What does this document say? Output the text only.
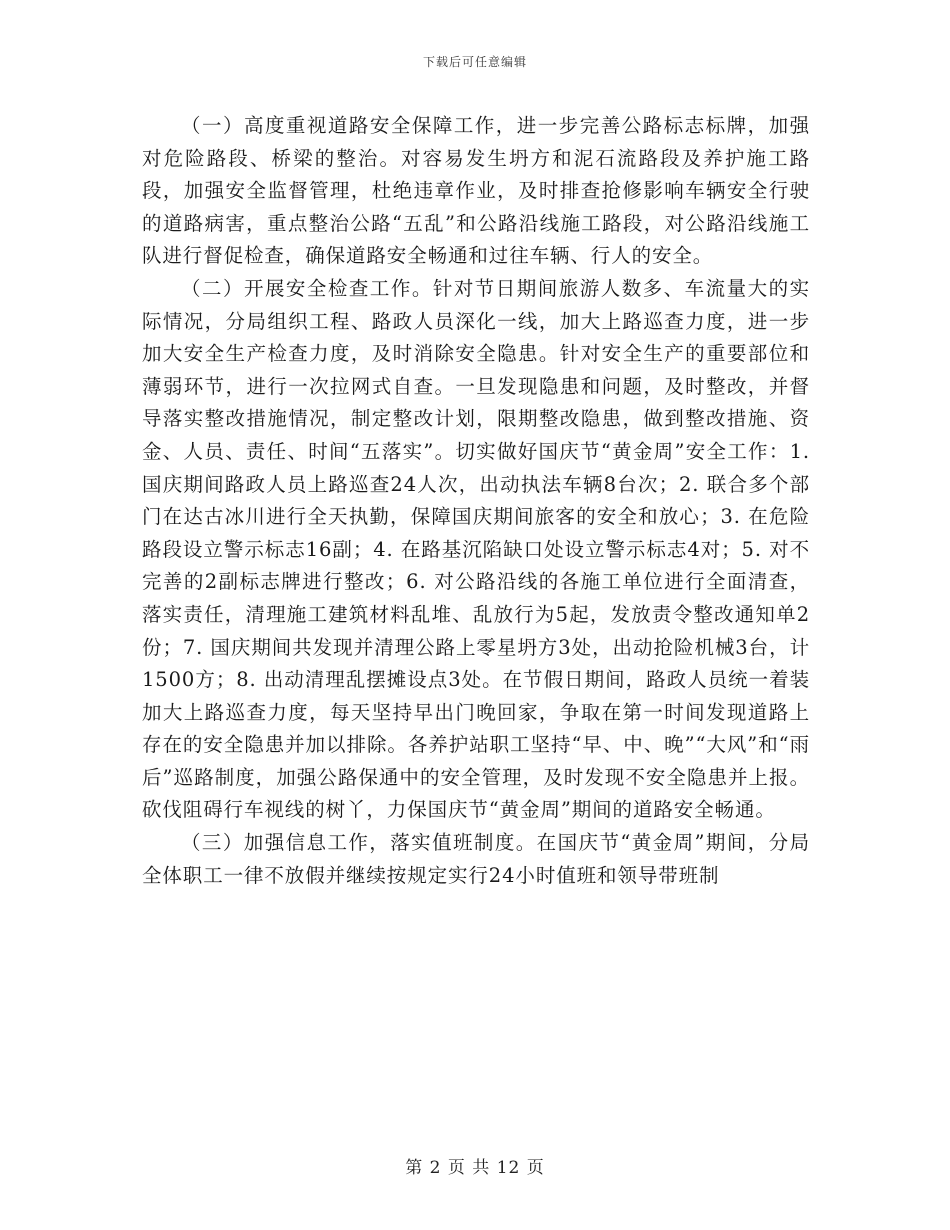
下载后可任意编辑

（一）高度重视道路安全保障工作，进一步完善公路标志标牌，加强对危险路段、桥梁的整治。对容易发生坍方和泥石流路段及养护施工路段，加强安全监督管理，杜绝违章作业，及时排查抢修影响车辆安全行驶的道路病害，重点整治公路“五乱”和公路沿线施工路段，对公路沿线施工队进行督促检查，确保道路安全畅通和过往车辆、行人的安全。

（二）开展安全检查工作。针对节日期间旅游人数多、车流量大的实际情况，分局组织工程、路政人员深化一线，加大上路巡查力度，进一步加大安全生产检查力度，及时消除安全隐患。针对安全生产的重要部位和薄弱环节，进行一次拉网式自查。一旦发现隐患和问题，及时整改，并督导落实整改措施情况，制定整改计划，限期整改隐患，做到整改措施、资金、人员、责任、时间“五落实”。切实做好国庆节“黄金周”安全工作：1. 国庆期间路政人员上路巡查24人次，出动执法车辆8台次；2. 联合多个部门在达古冰川进行全天执勤，保障国庆期间旅客的安全和放心；3. 在危险路段设立警示标志16副；4. 在路基沉陷缺口处设立警示标志4对；5. 对不完善的2副标志牌进行整改；6. 对公路沿线的各施工单位进行全面清查，落实责任，清理施工建筑材料乱堆、乱放行为5起，发放责令整改通知单2份；7. 国庆期间共发现并清理公路上零星坍方3处，出动抢险机械3台，计1500方；8. 出动清理乱摆摊设点3处。在节假日期间，路政人员统一着装加大上路巡查力度，每天坚持早出门晚回家，争取在第一时间发现道路上存在的安全隐患并加以排除。各养护站职工坚持“早、中、晚”“大风”和“雨后”巡路制度，加强公路保通中的安全管理，及时发现不安全隐患并上报。砍伐阻碍行车视线的树丫，力保国庆节“黄金周”期间的道路安全畅通。

（三）加强信息工作，落实值班制度。在国庆节“黄金周”期间，分局全体职工一律不放假并继续按规定实行24小时值班和领导带班制

第 2 页 共 12 页
